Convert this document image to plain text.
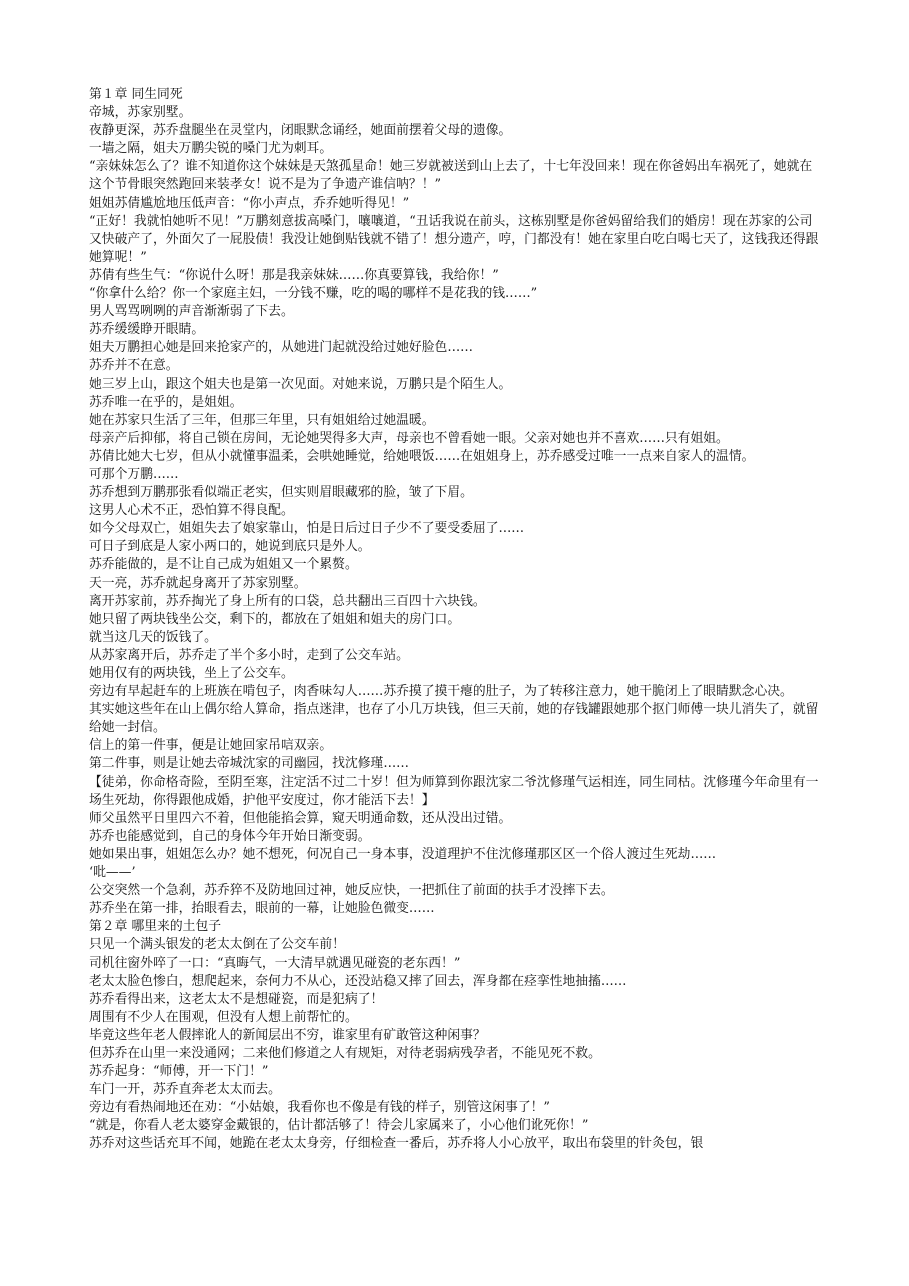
第１章 同生同死

帝城，苏家别墅。

夜静更深，苏乔盘腿坐在灵堂内，闭眼默念诵经，她面前摆着父母的遗像。

一墙之隔，姐夫万鹏尖锐的嗓门尤为刺耳。

“亲妹妹怎么了？谁不知道你这个妹妹是天煞孤星命！她三岁就被送到山上去了，十七年没回来！现在你爸妈出车祸死了，她就在这个节骨眼突然跑回来装孝女！说不是为了争遗产谁信呐？！”

姐姐苏倩尴尬地压低声音：“你小声点，乔乔她听得见！”

“正好！我就怕她听不见！”万鹏刻意拔高嗓门，嚷嚷道，“丑话我说在前头，这栋别墅是你爸妈留给我们的婚房！现在苏家的公司又快破产了，外面欠了一屁股债！我没让她倒贴钱就不错了！想分遗产，哼，门都没有！她在家里白吃白喝七天了，这钱我还得跟她算呢！”

苏倩有些生气：“你说什么呀！那是我亲妹妹……你真要算钱，我给你！”

“你拿什么给？你一个家庭主妇，一分钱不赚，吃的喝的哪样不是花我的钱……”

男人骂骂咧咧的声音渐渐弱了下去。

苏乔缓缓睁开眼睛。

姐夫万鹏担心她是回来抢家产的，从她进门起就没给过她好脸色……

苏乔并不在意。

她三岁上山，跟这个姐夫也是第一次见面。对她来说，万鹏只是个陌生人。

苏乔唯一在乎的，是姐姐。

她在苏家只生活了三年，但那三年里，只有姐姐给过她温暖。

母亲产后抑郁，将自己锁在房间，无论她哭得多大声，母亲也不曾看她一眼。父亲对她也并不喜欢……只有姐姐。

苏倩比她大七岁，但从小就懂事温柔，会哄她睡觉，给她喂饭……在姐姐身上，苏乔感受过唯一一点来自家人的温情。

可那个万鹏……

苏乔想到万鹏那张看似端正老实，但实则眉眼藏邪的脸，皱了下眉。

这男人心术不正，恐怕算不得良配。

如今父母双亡，姐姐失去了娘家靠山，怕是日后过日子少不了要受委屈了……

可日子到底是人家小两口的，她说到底只是外人。

苏乔能做的，是不让自己成为姐姐又一个累赘。

天一亮，苏乔就起身离开了苏家别墅。

离开苏家前，苏乔掏光了身上所有的口袋，总共翻出三百四十六块钱。

她只留了两块钱坐公交，剩下的，都放在了姐姐和姐夫的房门口。

就当这几天的饭钱了。

从苏家离开后，苏乔走了半个多小时，走到了公交车站。

她用仅有的两块钱，坐上了公交车。

旁边有早起赶车的上班族在啃包子，肉香味勾人……苏乔摸了摸干瘪的肚子，为了转移注意力，她干脆闭上了眼睛默念心决。

其实她这些年在山上偶尔给人算命，指点迷津，也存了小几万块钱，但三天前，她的存钱罐跟她那个抠门师傅一块儿消失了，就留给她一封信。

信上的第一件事，便是让她回家吊唁双亲。

第二件事，则是让她去帝城沈家的司幽园，找沈修瑾……

【徒弟，你命格奇险，至阴至寒，注定活不过二十岁！但为师算到你跟沈家二爷沈修瑾气运相连，同生同枯。沈修瑾今年命里有一场生死劫，你得跟他成婚，护他平安度过，你才能活下去！】

师父虽然平日里四六不着，但他能掐会算，窥天明通命数，还从没出过错。

苏乔也能感觉到，自己的身体今年开始日渐变弱。

她如果出事，姐姐怎么办？她不想死，何况自己一身本事，没道理护不住沈修瑾那区区一个俗人渡过生死劫……

‘吡——’

公交突然一个急刹，苏乔猝不及防地回过神，她反应快，一把抓住了前面的扶手才没摔下去。

苏乔坐在第一排，抬眼看去，眼前的一幕，让她脸色微变……

第２章 哪里来的土包子

只见一个满头银发的老太太倒在了公交车前！

司机往窗外啐了一口：“真晦气，一大清早就遇见碰瓷的老东西！”

老太太脸色惨白，想爬起来，奈何力不从心，还没站稳又摔了回去，浑身都在痉挛性地抽搐……

苏乔看得出来，这老太太不是想碰瓷，而是犯病了！

周围有不少人在围观，但没有人想上前帮忙的。

毕竟这些年老人假摔讹人的新闻层出不穷，谁家里有矿敢管这种闲事？

但苏乔在山里一来没通网；二来他们修道之人有规矩，对待老弱病残孕者，不能见死不救。

苏乔起身：“师傅，开一下门！”

车门一开，苏乔直奔老太太而去。

旁边有看热闹地还在劝：“小姑娘，我看你也不像是有钱的样子，别管这闲事了！”

“就是，你看人老太婆穿金戴银的，估计都活够了！待会儿家属来了，小心他们讹死你！”

苏乔对这些话充耳不闻，她跪在老太太身旁，仔细检查一番后，苏乔将人小心放平，取出布袋里的针灸包，银
